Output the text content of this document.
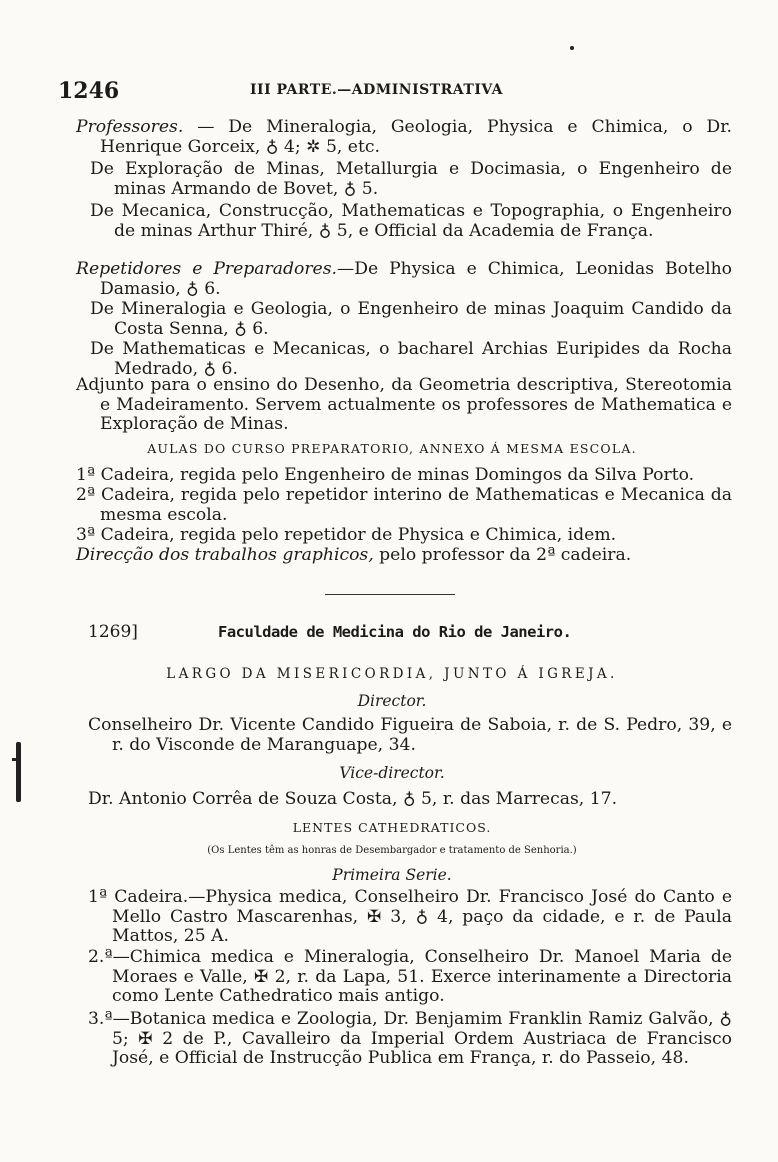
1246	III PARTE.—ADMINISTRATIVA
Professores. — De Mineralogia, Geologia, Physica e Chimica, o Dr. Henrique Gorceix, ♁ 4; ✲ 5, etc.
De Exploração de Minas, Metallurgia e Docimasia, o Engenheiro de minas Armando de Bovet, ♁ 5.
De Mecanica, Construcção, Mathematicas e Topographia, o Engenheiro de minas Arthur Thiré, ♁ 5, e Official da Academia de França.
Repetidores e Preparadores.—De Physica e Chimica, Leonidas Botelho Damasio, ♁ 6.
De Mineralogia e Geologia, o Engenheiro de minas Joaquim Candido da Costa Senna, ♁ 6.
De Mathematicas e Mecanicas, o bacharel Archias Euripides da Rocha Medrado, ♁ 6.
Adjunto para o ensino do Desenho, da Geometria descriptiva, Stereotomia e Madeiramento. Servem actualmente os professores de Mathematica e Exploração de Minas.
AULAS DO CURSO PREPARATORIO, ANNEXO Á MESMA ESCOLA.
1ª Cadeira, regida pelo Engenheiro de minas Domingos da Silva Porto.
2ª Cadeira, regida pelo repetidor interino de Mathematicas e Mecanica da mesma escola.
3ª Cadeira, regida pelo repetidor de Physica e Chimica, idem.
Direcção dos trabalhos graphicos, pelo professor da 2ª cadeira.
1269]	Faculdade de Medicina do Rio de Janeiro.
LARGO DA MISERICORDIA, JUNTO Á IGREJA.
Director.
Conselheiro Dr. Vicente Candido Figueira de Saboia, r. de S. Pedro, 39, e r. do Visconde de Maranguape, 34.
Vice-director.
Dr. Antonio Corrêa de Souza Costa, ♁ 5, r. das Marrecas, 17.
LENTES CATHEDRATICOS.
(Os Lentes têm as honras de Desembargador e tratamento de Senhoria.)
Primeira Serie.
1ª Cadeira.—Physica medica, Conselheiro Dr. Francisco José do Canto e Mello Castro Mascarenhas, ✠ 3, ♁ 4, paço da cidade, e r. de Paula Mattos, 25 A.
2.ª—Chimica medica e Mineralogia, Conselheiro Dr. Manoel Maria de Moraes e Valle, ✠ 2, r. da Lapa, 51. Exerce interinamente a Directoria como Lente Cathedratico mais antigo.
3.ª—Botanica medica e Zoologia, Dr. Benjamim Franklin Ramiz Galvão, ♁ 5; ✠ 2 de P., Cavalleiro da Imperial Ordem Austriaca de Francisco José, e Official de Instrucção Publica em França, r. do Passeio, 48.
